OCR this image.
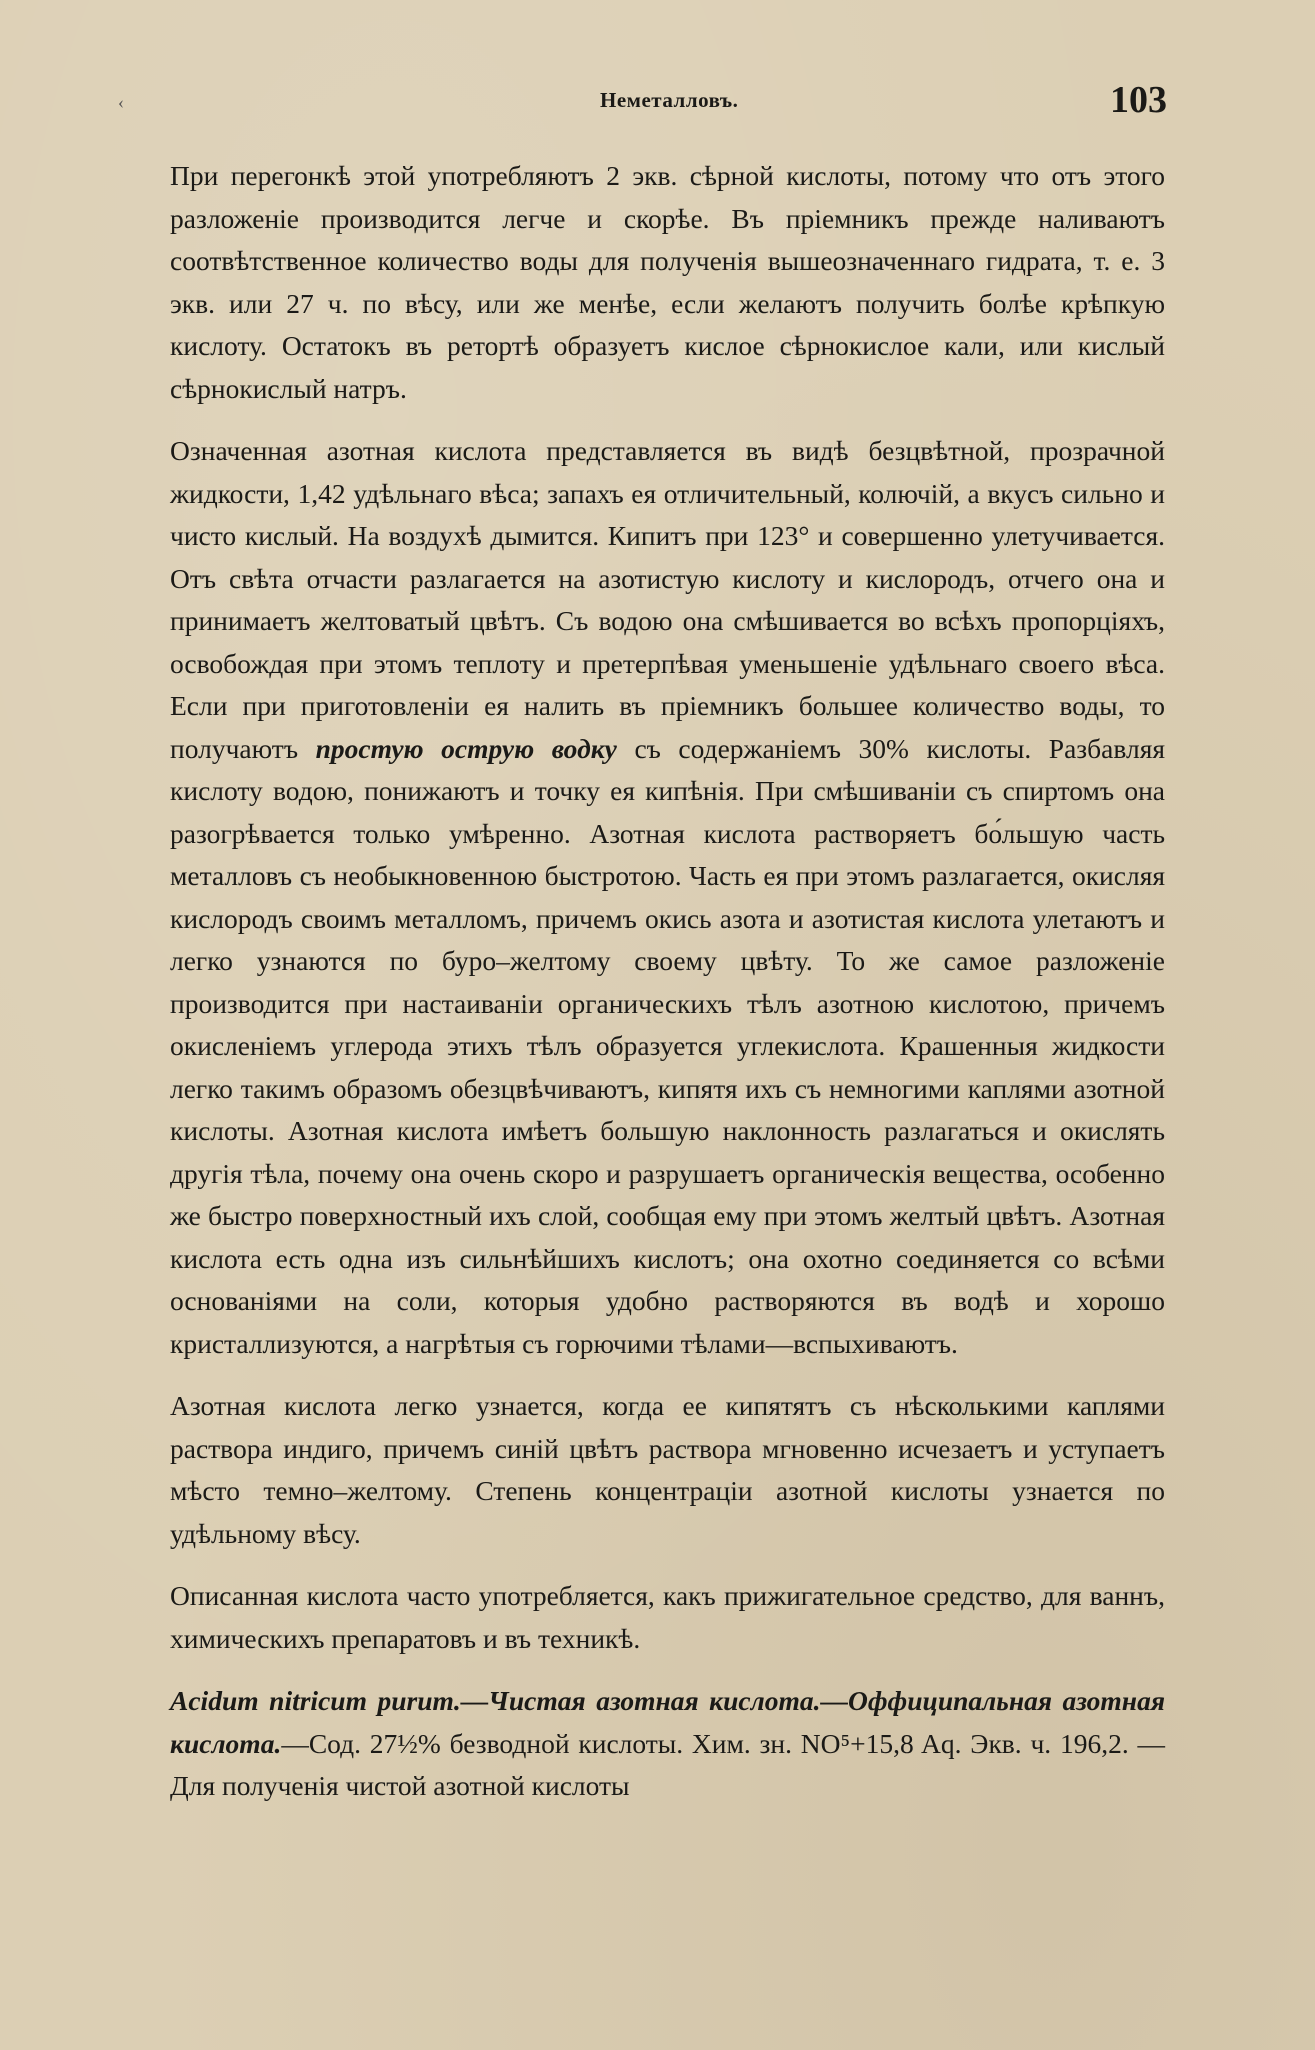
‹	Неметалловъ.	103

При перегонкѣ этой употребляютъ 2 экв. сѣрной кислоты, потому что отъ этого разложеніе производится легче и скорѣе. Въ пріемникъ прежде наливаютъ соотвѣтственное количество воды для полученія вышеозначеннаго гидрата, т. е. 3 экв. или 27 ч. по вѣсу, или же менѣе, если желаютъ получить болѣе крѣпкую кислоту. Остатокъ въ ретортѣ образуетъ кислое сѣрнокислое кали, или кислый сѣрнокислый натръ.

Означенная азотная кислота представляется въ видѣ безцвѣтной, прозрачной жидкости, 1,42 удѣльнаго вѣса; запахъ ея отличительный, колючій, а вкусъ сильно и чисто кислый. На воздухѣ дымится. Кипитъ при 123° и совершенно улетучивается. Отъ свѣта отчасти разлагается на азотистую кислоту и кислородъ, отчего она и принимаетъ желтоватый цвѣтъ. Съ водою она смѣшивается во всѣхъ пропорціяхъ, освобождая при этомъ теплоту и претерпѣвая уменьшеніе удѣльнаго своего вѣса. Если при приготовленіи ея налить въ пріемникъ большее количество воды, то получаютъ простую острую водку съ содержаніемъ 30% кислоты. Разбавляя кислоту водою, понижаютъ и точку ея кипѣнія. При смѣшиваніи съ спиртомъ она разогрѣвается только умѣренно. Азотная кислота растворяетъ бо́льшую часть металловъ съ необыкновенною быстротою. Часть ея при этомъ разлагается, окисляя кислородъ своимъ металломъ, причемъ окись азота и азотистая кислота улетаютъ и легко узнаются по буро–желтому своему цвѣту. То же самое разложеніе производится при настаиваніи органическихъ тѣлъ азотною кислотою, причемъ окисленіемъ углерода этихъ тѣлъ образуется углекислота. Крашенныя жидкости легко такимъ образомъ обезцвѣчиваютъ, кипятя ихъ съ немногими каплями азотной кислоты. Азотная кислота имѣетъ большую наклонность разлагаться и окислять другія тѣла, почему она очень скоро и разрушаетъ органическія вещества, особенно же быстро поверхностный ихъ слой, сообщая ему при этомъ желтый цвѣтъ. Азотная кислота есть одна изъ сильнѣйшихъ кислотъ; она охотно соединяется со всѣми основаніями на соли, которыя удобно растворяются въ водѣ и хорошо кристаллизуются, а нагрѣтыя съ горючими тѣлами—вспыхиваютъ.

Азотная кислота легко узнается, когда ее кипятятъ съ нѣсколькими каплями раствора индиго, причемъ синій цвѣтъ раствора мгновенно исчезаетъ и уступаетъ мѣсто темно–желтому. Степень концентраціи азотной кислоты узнается по удѣльному вѣсу.

Описанная кислота часто употребляется, какъ прижигательное средство, для ваннъ, химическихъ препаратовъ и въ техникѣ.

Acidum nitricum purum.—Чистая азотная кислота.—Оффиципальная азотная кислота.—Сод. 27½% безводной кислоты. Хим. зн. NO⁵+15,8 Aq. Экв. ч. 196,2. — Для полученія чистой азотной кислоты
